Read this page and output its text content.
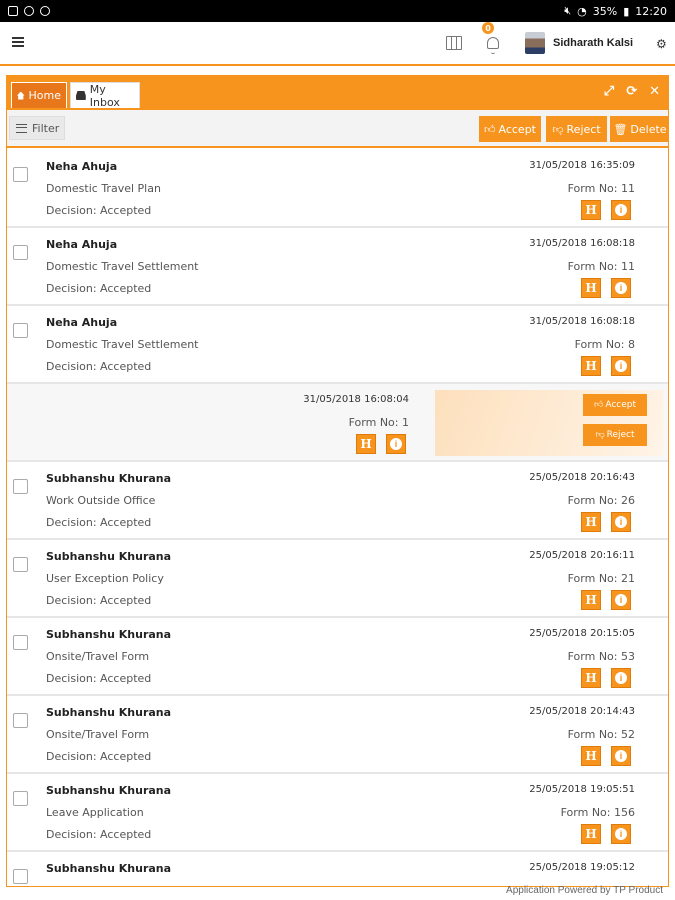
🔇︎ ◔ 35% ▮ 12:20
0
Sidharath Kalsi ⚙
Home	My Inbox
⤢ ⟳ ✕
Filter	👍︎ Accept 👎︎ Reject 🗑︎ Delete
Neha Ahuja
Domestic Travel Plan
Decision: Accepted
31/05/2018 16:35:09
Form No: 11
H	i
Neha Ahuja
Domestic Travel Settlement
Decision: Accepted
31/05/2018 16:08:18
Form No: 11
H	i
Neha Ahuja
Domestic Travel Settlement
Decision: Accepted
31/05/2018 16:08:18
Form No: 8
H	i
31/05/2018 16:08:04
Form No: 1
H	i
👍︎ Accept
👎︎ Reject
Subhanshu Khurana
Work Outside Office
Decision: Accepted
25/05/2018 20:16:43
Form No: 26
H	i
Subhanshu Khurana
User Exception Policy
Decision: Accepted
25/05/2018 20:16:11
Form No: 21
H	i
Subhanshu Khurana
Onsite/Travel Form
Decision: Accepted
25/05/2018 20:15:05
Form No: 53
H	i
Subhanshu Khurana
Onsite/Travel Form
Decision: Accepted
25/05/2018 20:14:43
Form No: 52
H	i
Subhanshu Khurana
Leave Application
Decision: Accepted
25/05/2018 19:05:51
Form No: 156
H	i
Subhanshu Khurana	25/05/2018 19:05:12
Application Powered by TP Product
